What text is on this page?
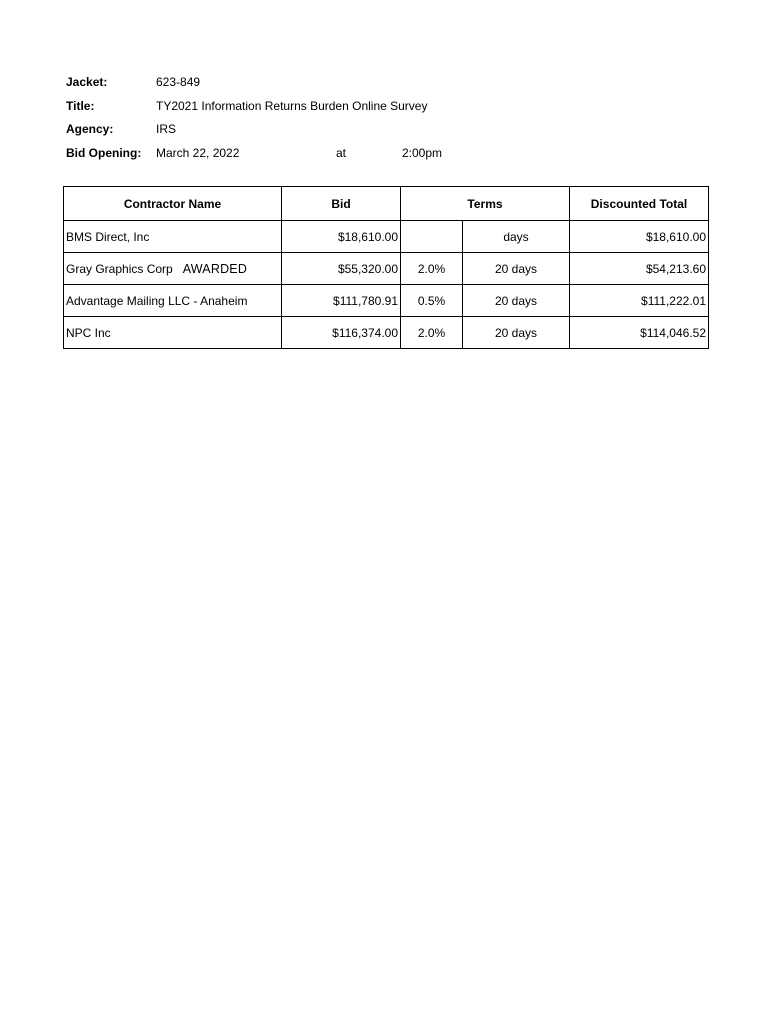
Jacket:	623-849
Title:	TY2021 Information Returns Burden Online Survey
Agency:	IRS
Bid Opening: March 22, 2022	at	2:00pm
Contractor Name	Bid	Terms		Discounted Total
BMS Direct, Inc	$18,610.00		days	$18,610.00
Gray Graphics Corp AWARDED	$55,320.00	2.0%	20 days	$54,213.60
Advantage Mailing LLC - Anaheim	$111,780.91	0.5%	20 days	$111,222.01
NPC Inc	$116,374.00	2.0%	20 days	$114,046.52
